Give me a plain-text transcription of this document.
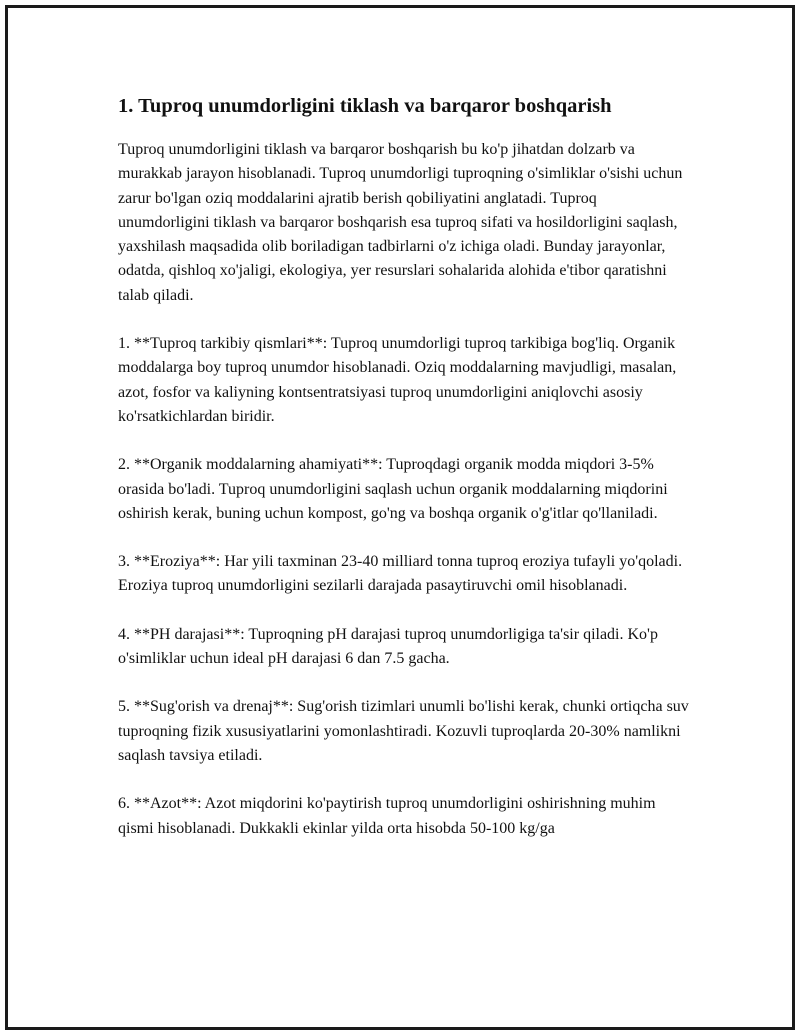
1. Tuproq unumdorligini tiklash va barqaror boshqarish

Tuproq unumdorligini tiklash va barqaror boshqarish bu ko'p jihatdan dolzarb va murakkab jarayon hisoblanadi. Tuproq unumdorligi tuproqning o'simliklar o'sishi uchun zarur bo'lgan oziq moddalarini ajratib berish qobiliyatini anglatadi. Tuproq unumdorligini tiklash va barqaror boshqarish esa tuproq sifati va hosildorligini saqlash, yaxshilash maqsadida olib boriladigan tadbirlarni o'z ichiga oladi. Bunday jarayonlar, odatda, qishloq xo'jaligi, ekologiya, yer resurslari sohalarida alohida e'tibor qaratishni talab qiladi.

1. **Tuproq tarkibiy qismlari**: Tuproq unumdorligi tuproq tarkibiga bog'liq. Organik moddalarga boy tuproq unumdor hisoblanadi. Oziq moddalarning mavjudligi, masalan, azot, fosfor va kaliyning kontsentratsiyasi tuproq unumdorligini aniqlovchi asosiy ko'rsatkichlardan biridir.

2. **Organik moddalarning ahamiyati**: Tuproqdagi organik modda miqdori 3-5% orasida bo'ladi. Tuproq unumdorligini saqlash uchun organik moddalarning miqdorini oshirish kerak, buning uchun kompost, go'ng va boshqa organik o'g'itlar qo'llaniladi.

3. **Eroziya**: Har yili taxminan 23-40 milliard tonna tuproq eroziya tufayli yo'qoladi. Eroziya tuproq unumdorligini sezilarli darajada pasaytiruvchi omil hisoblanadi.

4. **PH darajasi**: Tuproqning pH darajasi tuproq unumdorligiga ta'sir qiladi. Ko'p o'simliklar uchun ideal pH darajasi 6 dan 7.5 gacha.

5. **Sug'orish va drenaj**: Sug'orish tizimlari unumli bo'lishi kerak, chunki ortiqcha suv tuproqning fizik xususiyatlarini yomonlashtiradi. Kozuvli tuproqlarda 20-30% namlikni saqlash tavsiya etiladi.

6. **Azot**: Azot miqdorini ko'paytirish tuproq unumdorligini oshirishning muhim qismi hisoblanadi. Dukkakli ekinlar yilda orta hisobda 50-100 kg/ga
